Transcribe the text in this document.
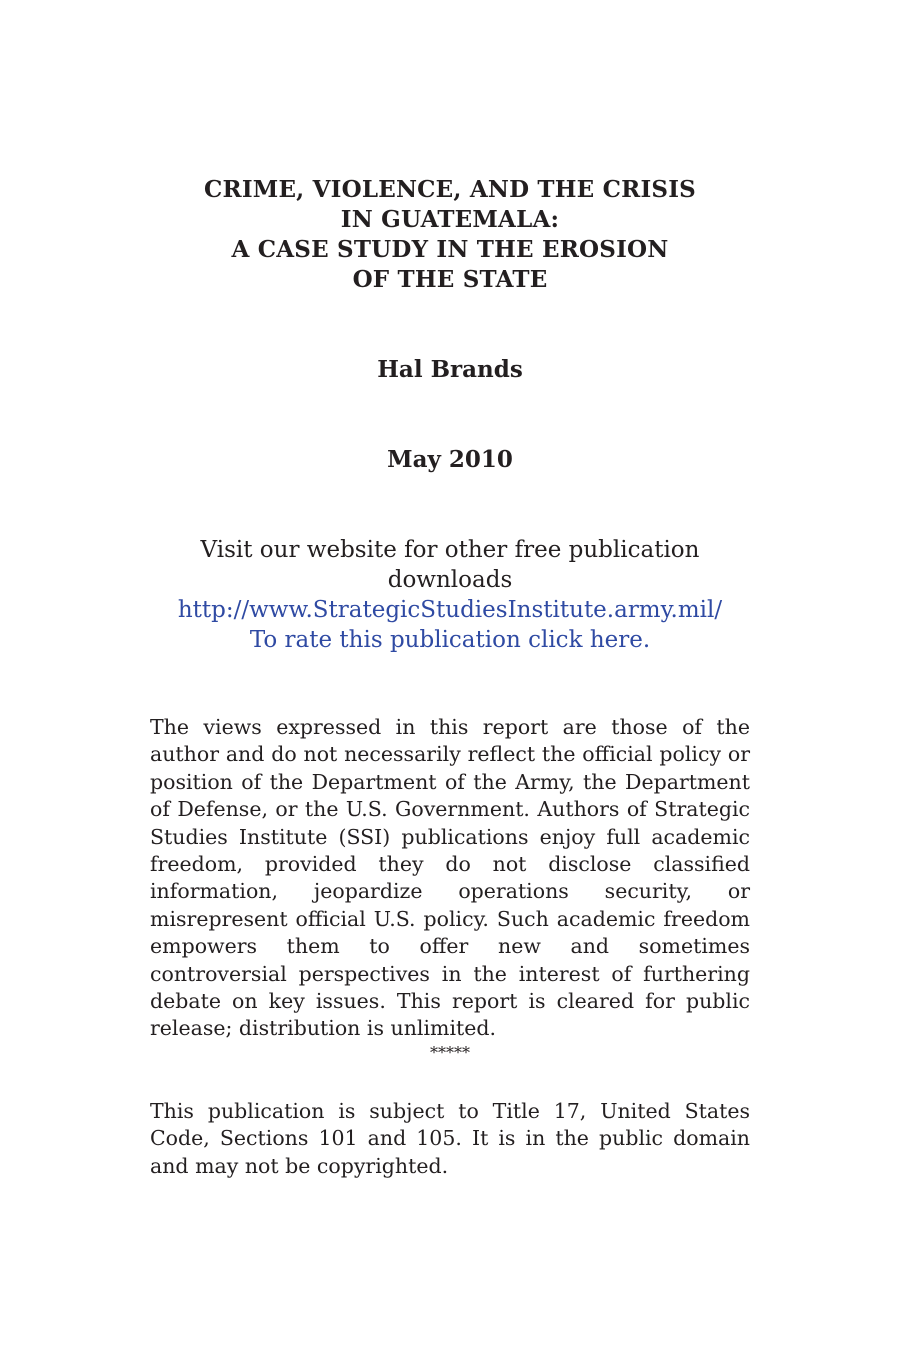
CRIME, VIOLENCE, AND THE CRISIS
IN GUATEMALA:
A CASE STUDY IN THE EROSION
OF THE STATE
Hal Brands
May 2010
Visit our website for other free publication
downloads
http://www.StrategicStudiesInstitute.army.mil/
To rate this publication click here.

The views expressed in this report are those of the author and do not necessarily reflect the official policy or position of the Department of the Army, the Department of Defense, or the U.S. Government. Authors of Strategic Studies Institute (SSI) publications enjoy full academic freedom, provided they do not disclose classified information, jeopardize operations security, or misrepresent official U.S. policy. Such academic freedom empowers them to offer new and sometimes controversial perspectives in the interest of furthering debate on key issues. This report is cleared for public release; distribution is unlimited.

*****

This publication is subject to Title 17, United States Code, Sections 101 and 105. It is in the public domain and may not be copyrighted.
